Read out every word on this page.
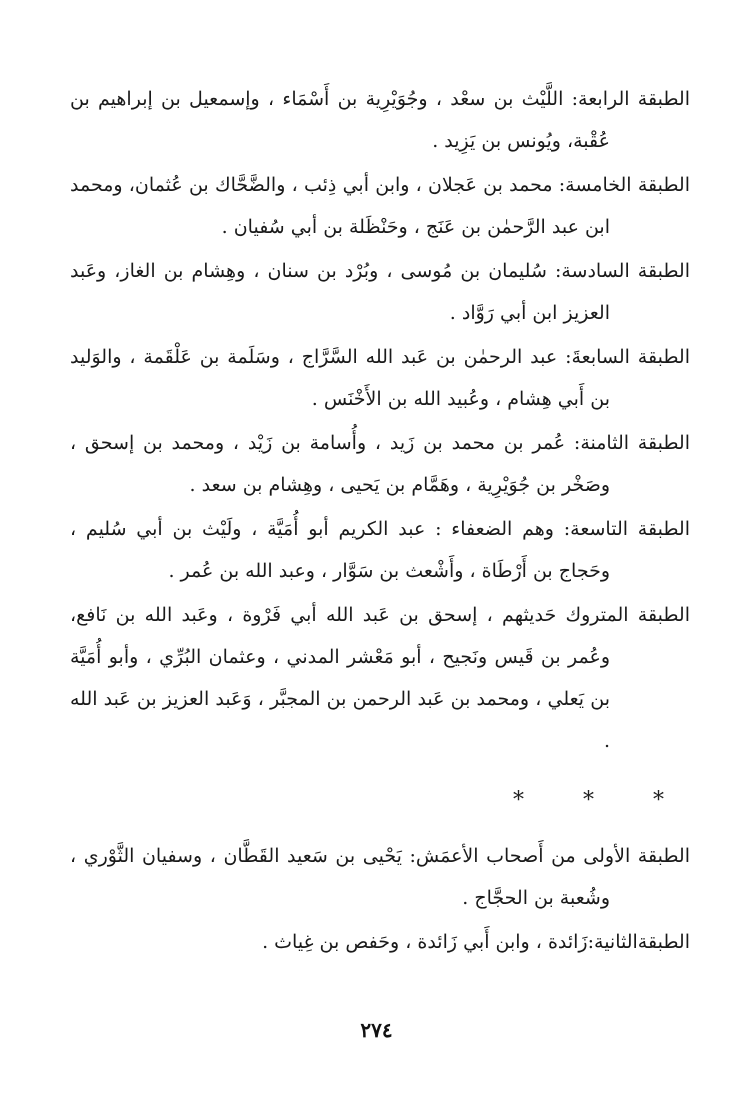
الطبقة الرابعة: اللَّيْث بن سعْد ، وجُوَيْرِية بن أَسْمَاء ، وإسمعيل بن إبراهيم بن عُقْبة، ويُونس بن يَزِيد .

الطبقة الخامسة: محمد بن عَجلان ، وابن أبي ذِئب ، والضَّحَّاك بن عُثمان، ومحمد ابن عبد الرَّحمٰن بن عَنَج ، وحَنْظَلة بن أبي سُفيان .

الطبقة السادسة: سُليمان بن مُوسى ، وبُرْد بن سنان ، وهِشام بن الغاز، وعَبد العزيز ابن أبي رَوَّاد .

الطبقة السابعةَ: عبد الرحمٰن بن عَبد الله السَّرَّاج ، وسَلَمة بن عَلْقَمة ، والوَليد بن أَبي هِشام ، وعُبيد الله بن الأَخْنَس .

الطبقة الثامنة: عُمر بن محمد بن زَيد ، وأُسامة بن زَيْد ، ومحمد بن إسحق ، وصَخْر بن جُوَيْرِية ، وهَمَّام بن يَحيى ، وهِشام بن سعد .

الطبقة التاسعة: وهم الضعفاء : عبد الكريم أبو أُمَيَّة ، ولَيْث بن أبي سُليم ، وحَجاج بن أَرْطَاة ، وأَشْعث بن سَوَّار ، وعبد الله بن عُمر .

الطبقة المتروك حَديثهم ، إسحق بن عَبد الله أبي فَرْوة ، وعَبد الله بن نَافع، وعُمر بن قَيس ونَجيح ، أبو مَعْشر المدني ، وعثمان البُرِّي ، وأبو أُمَيَّة بن يَعلي ، ومحمد بن عَبد الرحمن بن المجبَّر ، وَعَبد العزيز بن عَبد الله .

* * *

الطبقة الأولى من أَصحاب الأعمَش: يَحْيى بن سَعيد القَطَّان ، وسفيان الثَّوْري ، وشُعبة بن الحجَّاج .

الطبقةالثانية:زَائدة ، وابن أَبي زَائدة ، وحَفص بن غِياث .

٢٧٤
